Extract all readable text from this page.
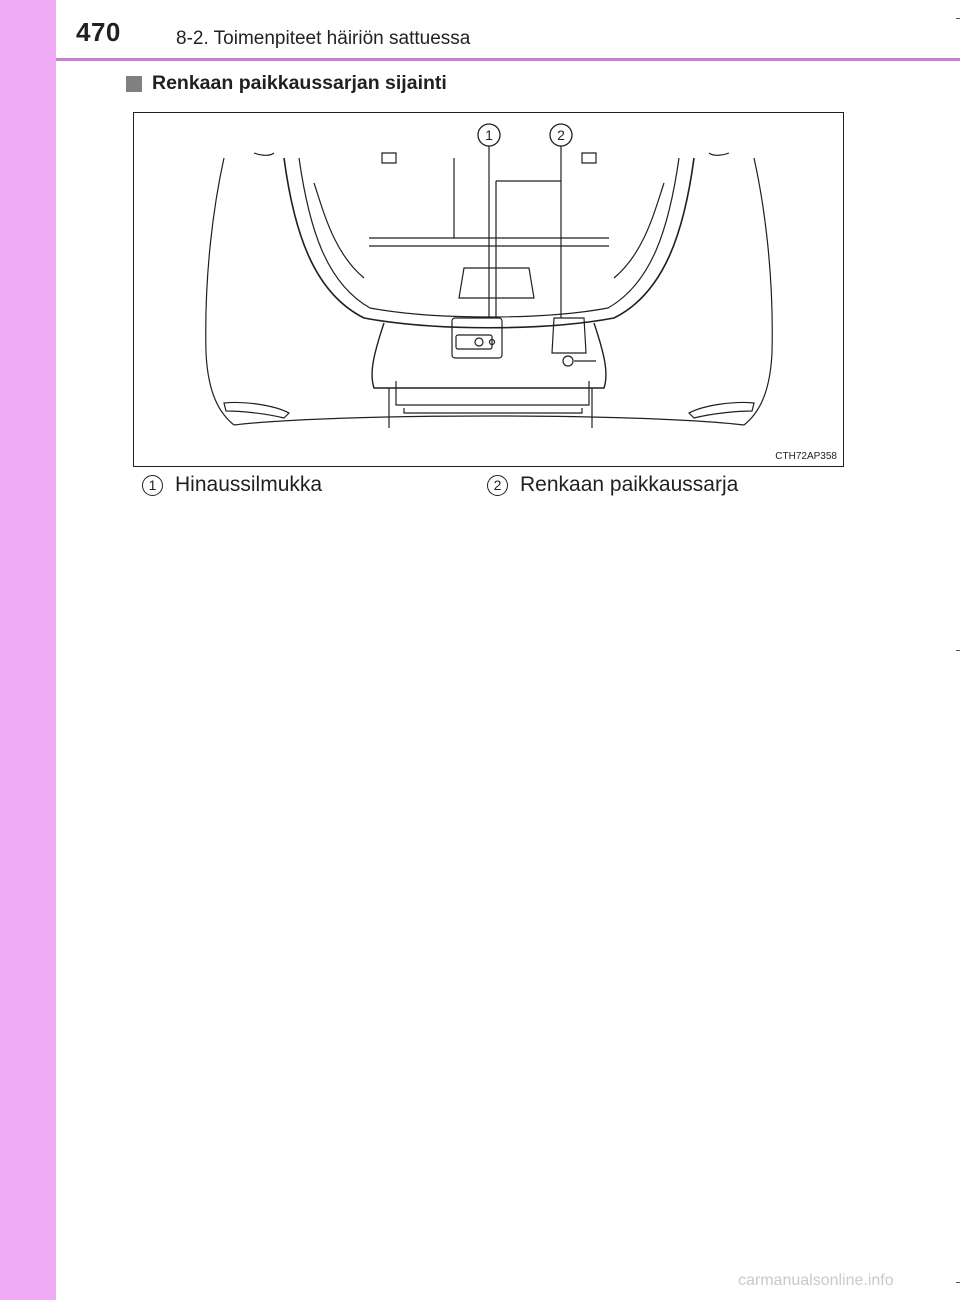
470	8-2. Toimenpiteet häiriön sattuessa
Renkaan paikkaussarjan sijainti
1	2
CTH72AP358
1 Hinaussilmukka	2 Renkaan paikkaussarja
carmanualsonline.info
